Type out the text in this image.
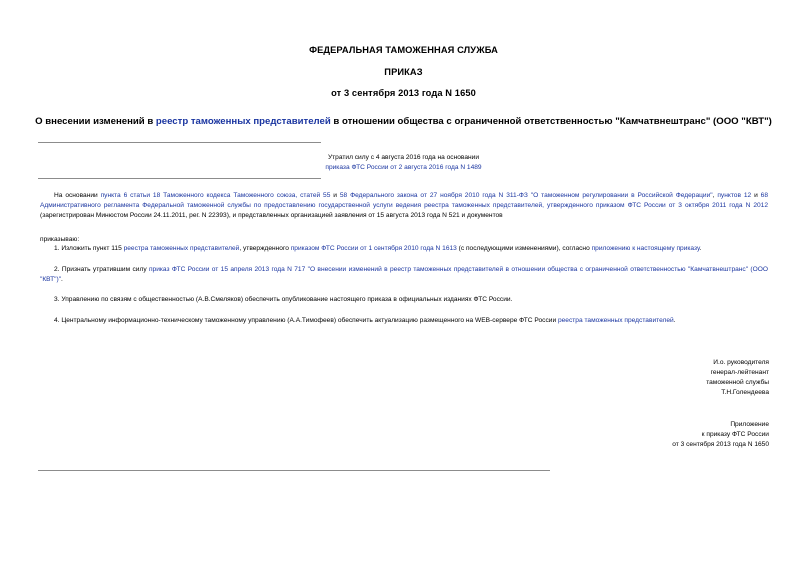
ФЕДЕРАЛЬНАЯ ТАМОЖЕННАЯ СЛУЖБА
ПРИКАЗ
от 3 сентября 2013 года N 1650
О внесении изменений в реестр таможенных представителей в отношении общества с ограниченной ответственностью "Камчатвнештранс" (ООО "КВТ")
Утратил силу с 4 августа 2016 года на основании
приказа ФТС России от 2 августа 2016 года N 1489
На основании пункта 6 статьи 18 Таможенного кодекса Таможенного союза, статей 55 и 58 Федерального закона от 27 ноября 2010 года N 311-ФЗ "О таможенном регулировании в Российской Федерации", пунктов 12 и 68 Административного регламента Федеральной таможенной службы по предоставлению государственной услуги ведения реестра таможенных представителей, утвержденного приказом ФТС России от 3 октября 2011 года N 2012 (зарегистрирован Минюстом России 24.11.2011, рег. N 22393), и представленных организацией заявления от 15 августа 2013 года N 521 и документов
приказываю:
1. Изложить пункт 115 реестра таможенных представителей, утвержденного приказом ФТС России от 1 сентября 2010 года N 1613 (с последующими изменениями), согласно приложению к настоящему приказу.
2. Признать утратившим силу приказ ФТС России от 15 апреля 2013 года N 717 "О внесении изменений в реестр таможенных представителей в отношении общества с ограниченной ответственностью "Камчатвнештранс" (ООО "КВТ")".
3. Управлению по связям с общественностью (А.В.Смеляков) обеспечить опубликование настоящего приказа в официальных изданиях ФТС России.
4. Центральному информационно-техническому таможенному управлению (А.А.Тимофеев) обеспечить актуализацию размещенного на WEB-сервере ФТС России реестра таможенных представителей.
И.о. руководителя
генерал-лейтенант
таможенной службы
Т.Н.Голендеева
Приложение
к приказу ФТС России
от 3 сентября 2013 года N 1650
